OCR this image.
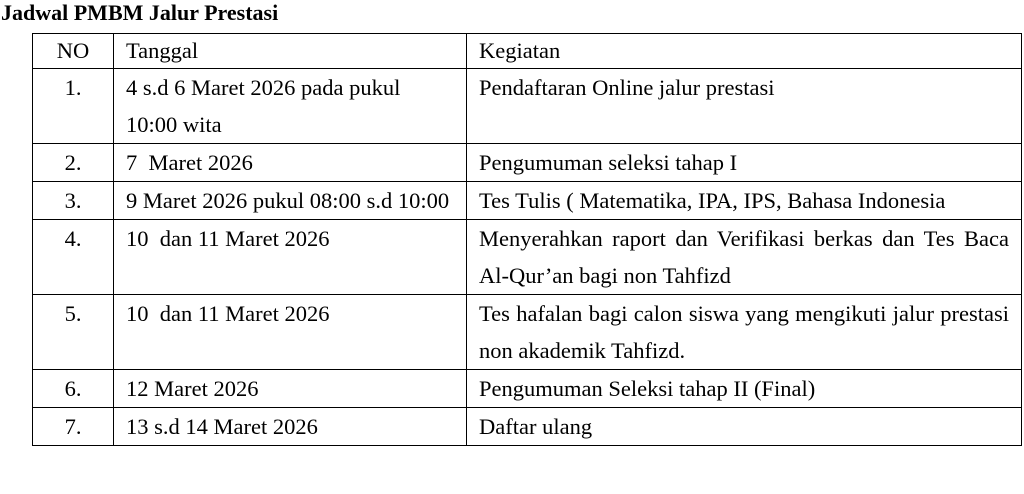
Jadwal PMBM Jalur Prestasi
NO	Tanggal	Kegiatan
1.	4 s.d 6 Maret 2026 pada pukul 10:00 wita	Pendaftaran Online jalur prestasi
2.	7  Maret 2026	Pengumuman seleksi tahap I
3.	9 Maret 2026 pukul 08:00 s.d 10:00	Tes Tulis ( Matematika, IPA, IPS, Bahasa Indonesia
4.	10  dan 11 Maret 2026	Menyerahkan raport dan Verifikasi berkas dan Tes Baca Al-Qur’an bagi non Tahfizd
5.	10  dan 11 Maret 2026	Tes hafalan bagi calon siswa yang mengikuti jalur prestasi non akademik Tahfizd.
6.	12 Maret 2026	Pengumuman Seleksi tahap II (Final)
7.	13 s.d 14 Maret 2026	Daftar ulang
